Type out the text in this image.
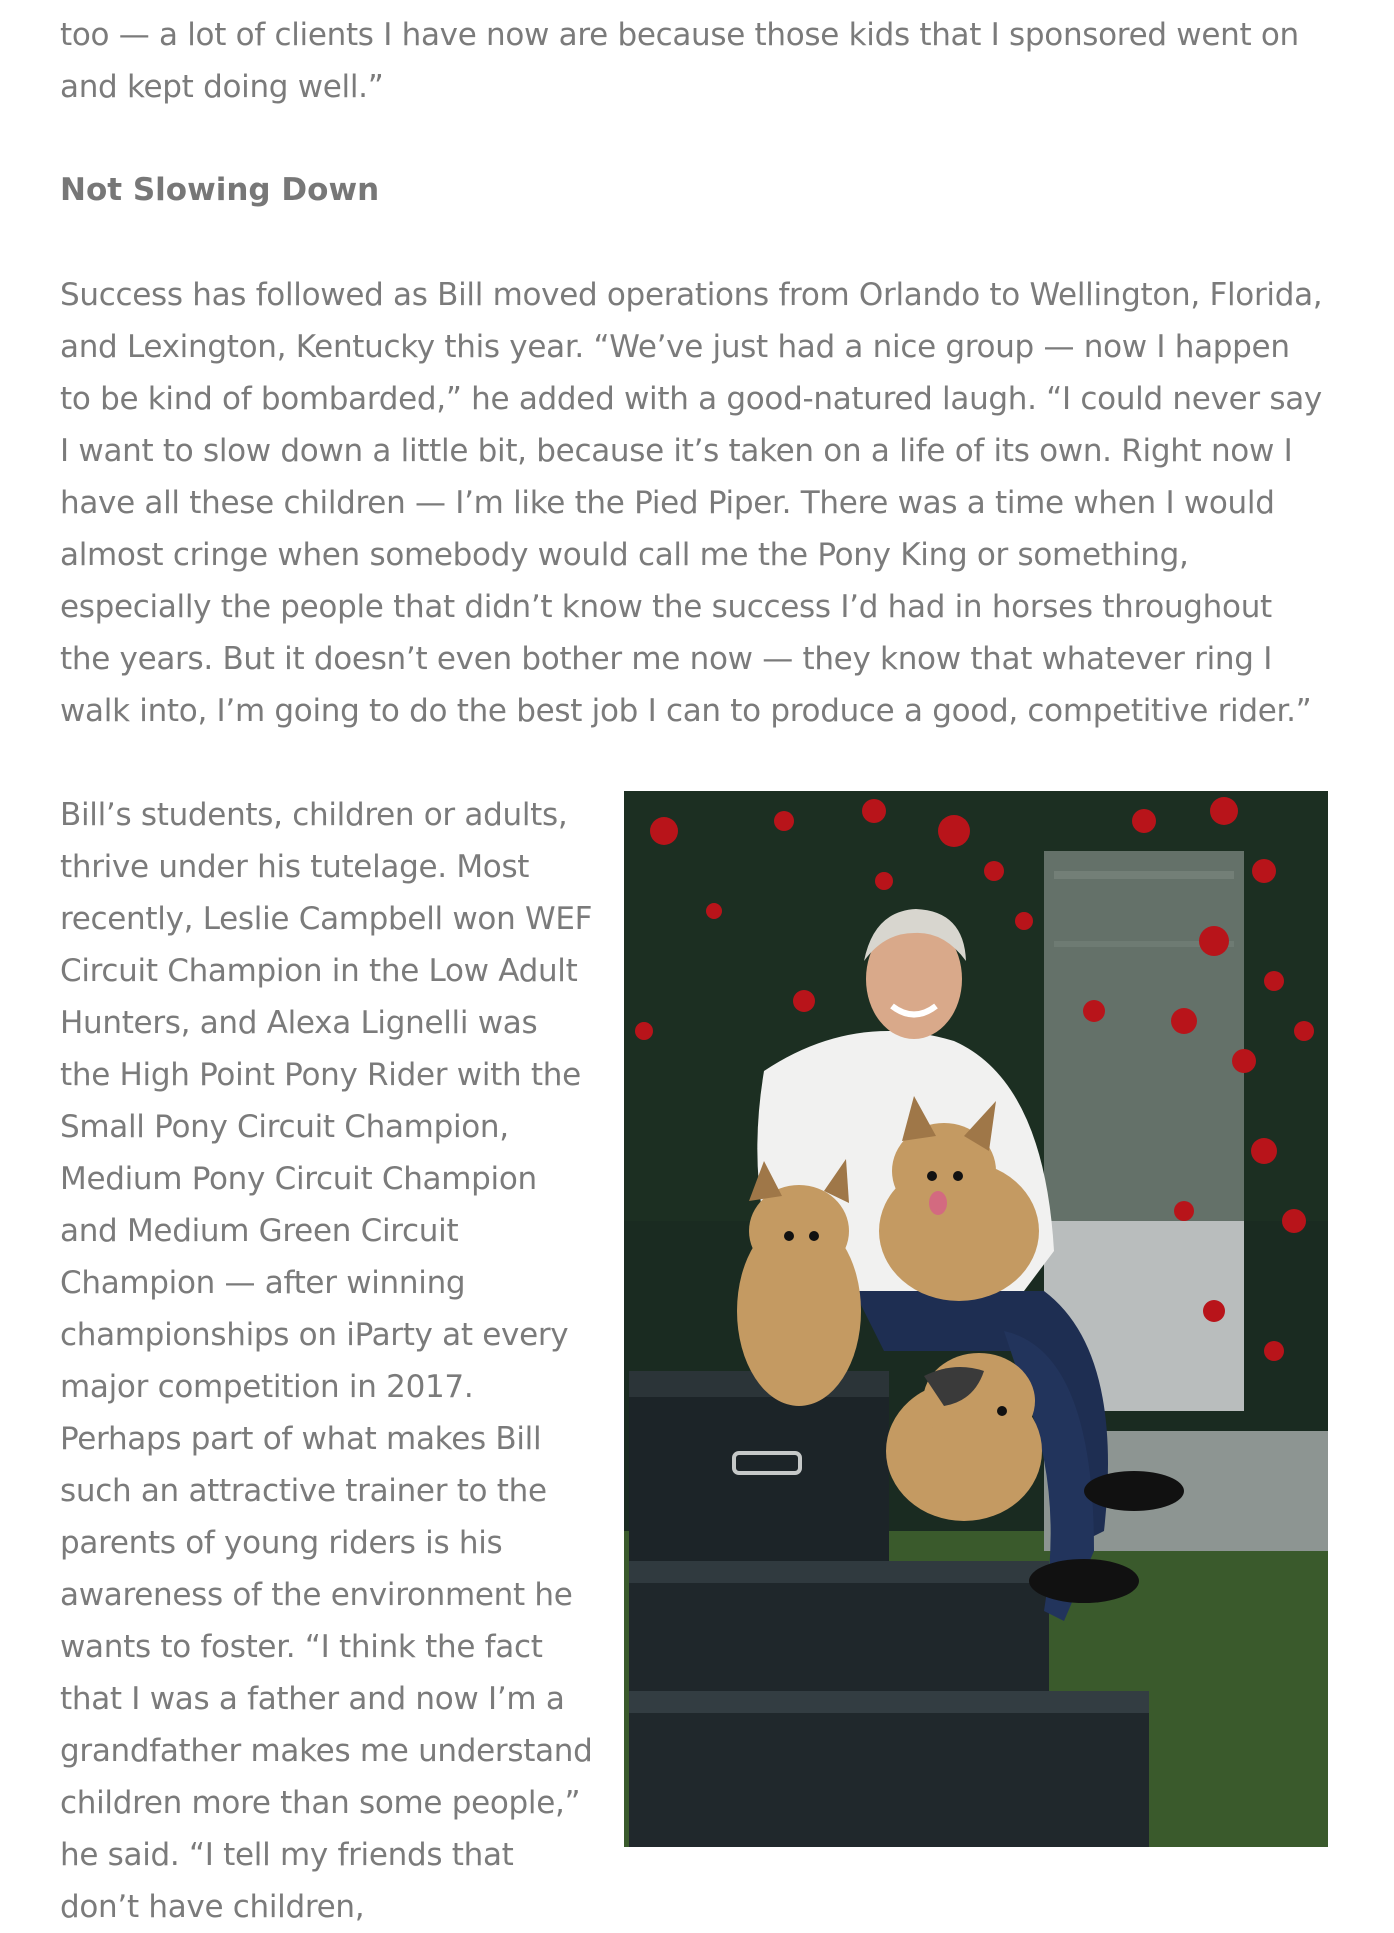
too — a lot of clients I have now are because those kids that I sponsored went on and kept doing well.”

Not Slowing Down

Success has followed as Bill moved operations from Orlando to Wellington, Florida, and Lexington, Kentucky this year. “We’ve just had a nice group — now I happen to be kind of bombarded,” he added with a good-natured laugh. “I could never say I want to slow down a little bit, because it’s taken on a life of its own. Right now I have all these children — I’m like the Pied Piper. There was a time when I would almost cringe when somebody would call me the Pony King or something, especially the people that didn’t know the success I’d had in horses throughout the years. But it doesn’t even bother me now — they know that whatever ring I walk into, I’m going to do the best job I can to produce a good, competitive rider.”

Bill’s students, children or adults, thrive under his tutelage. Most recently, Leslie Campbell won WEF Circuit Champion in the Low Adult Hunters, and Alexa Lignelli was the High Point Pony Rider with the Small Pony Circuit Champion, Medium Pony Circuit Champion and Medium Green Circuit Champion — after winning championships on iParty at every major competition in 2017. Perhaps part of what makes Bill such an attractive trainer to the parents of young riders is his awareness of the environment he wants to foster. “I think the fact that I was a father and now I’m a grandfather makes me understand children more than some people,” he said. “I tell my friends that don’t have children,
